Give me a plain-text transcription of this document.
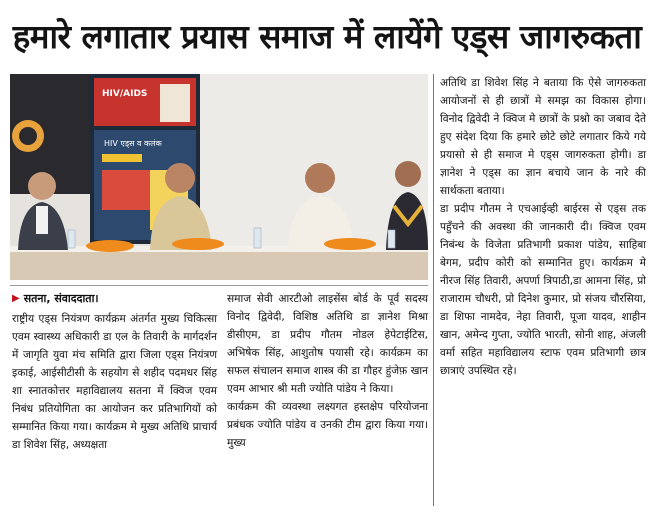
हमारे लगातार प्रयास समाज में लायेंगे एड्स जागरुकता
HIV/AIDS
HIV एड्स व कलंक
▶ सतना, संवाददाता।

राष्ट्रीय एड्स नियंत्रण कार्यक्रम अंतर्गत मुख्य चिकित्सा एवम स्वास्थ्य अधिकारी डा एल के तिवारी के मार्गदर्शन में जागृति युवा मंच समिति द्वारा जिला एड्स नियंत्रण इकाई, आईसीटीसी के सहयोग से शहीद पदमधर सिंह शा स्नातकोत्तर महाविद्यालय सतना में क्विज एवम निबंध प्रतियोगिता का आयोजन कर प्रतिभागियों को सम्मानित किया गया। कार्यक्रम मे मुख्य अतिथि प्राचार्य डा शिवेश सिंह, अध्यक्षता

समाज सेवी आरटीओ लाइसेंस बोर्ड के पूर्व सदस्य विनोद द्विवेदी, विशिष्ठ अतिथि डा ज्ञानेश मिश्रा डीसीएम, डा प्रदीप गौतम नोडल हेपेटाईटिस, अभिषेक सिंह, आशुतोष पयासी रहे। कार्यक्रम का सफल संचालन समाज शास्त्र की डा गौहर हुंजेफ़ खान एवम आभार श्री मती ज्योति पांडेय ने किया।

कार्यक्रम की व्यवस्था लक्ष्यगत हस्तक्षेप परियोजना प्रबंधक ज्योति पांडेय व उनकी टीम द्वारा किया गया। मुख्य

अतिथि डा शिवेश सिंह ने बताया कि ऐसे जागरुकता आयोजनों से ही छात्रों मे समझ का विकास होगा। विनोद द्विवेदी ने क्विज मे छात्रों के प्रश्नो का जबाव देते हुए संदेश दिया कि हमारे छोटे छोटे लगातार किये गये प्रयासो से ही समाज मे एड्स जागरुकता होगी। डा ज्ञानेश ने एड्स का ज्ञान बचाये जान के नारे की सार्थकता बताया।

डा प्रदीप गौतम ने एचआईव्ही बाईरस से एड्स तक पहुँचने की अवस्था की जानकारी दी। क्विज एवम निबंन्ध के विजेता प्रतिभागी प्रकाश पांडेय, साहिबा बेगम, प्रदीप कोरी को सम्मानित हुए। कार्यक्रम मे नीरज सिंह तिवारी, अपर्णा त्रिपाठी,डा आमना सिंह, प्रो राजाराम चौधरी, प्रो दिनेश कुमार, प्रो संजय चौरसिया, डा शिफा नामदेव, नेहा तिवारी, पूजा यादव, शाहीन खान, अमेन्द गुप्ता, ज्योति भारती, सोनी शाह, अंजली वर्मा सहित महाविद्यालय स्टाफ एवम प्रतिभागी छात्र छात्राएं उपस्थित रहे।
